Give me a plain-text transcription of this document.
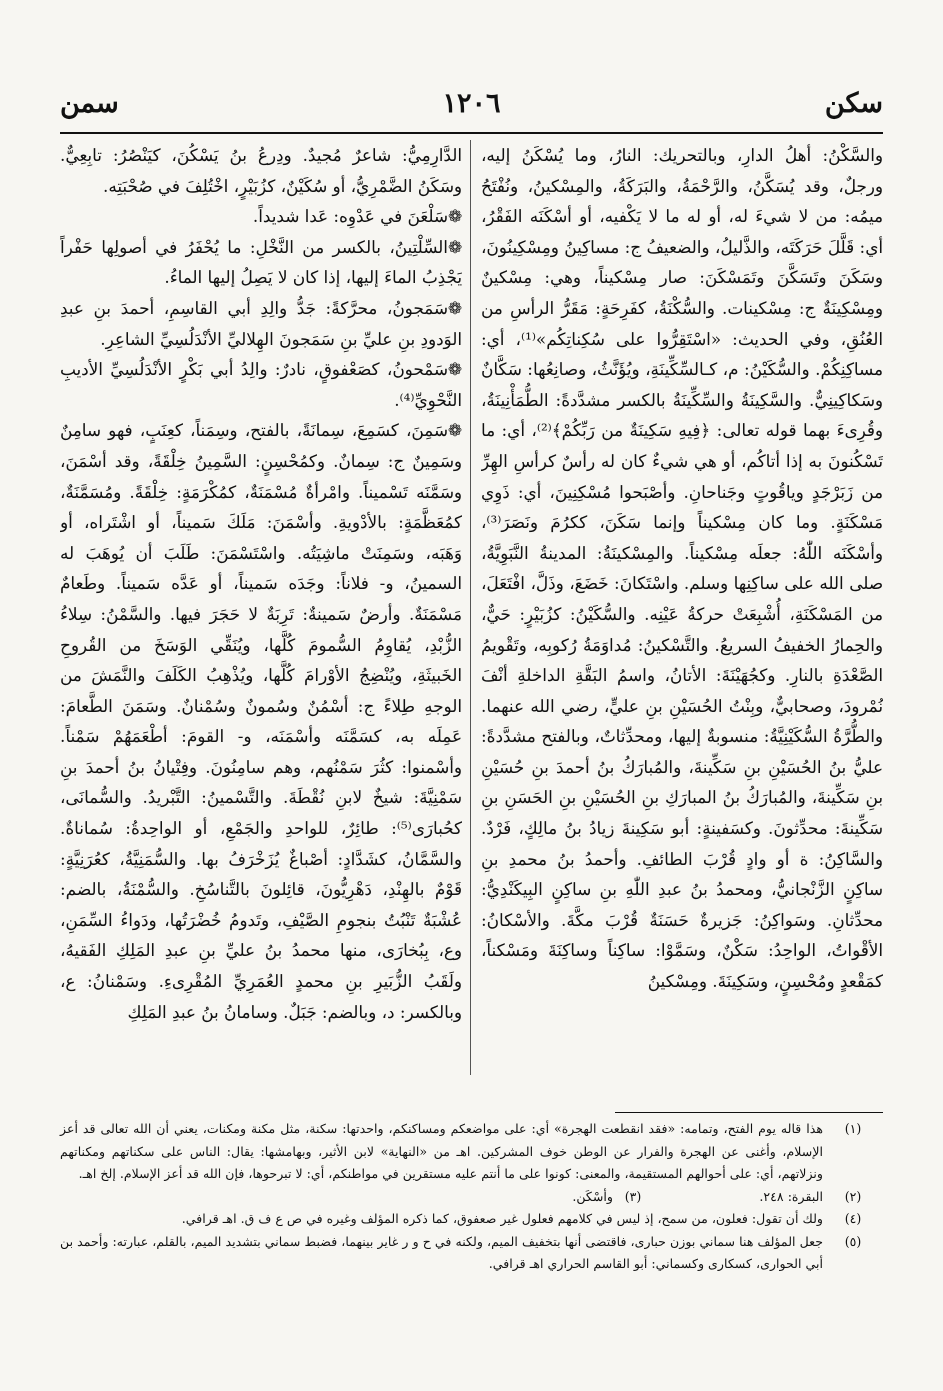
سكن
١٢٠٦
سمن

والسَّكْنُ: أهلُ الدارِ، وبالتحريك: النارُ، وما يُسْكَنُ إليه، ورجلٌ، وقد يُسَكَّنُ، والرَّحْمَةُ، والبَرَكَةُ، والمِسْكينُ، ونُفْتَحُ ميمُه: من لا شيءَ له، أو له ما لا يَكْفيه، أو أسْكَنَه الفَقْرُ، أي: قَلَّلَ حَرَكَتَه، والذَّليلُ، والضعيفُ ج: مساكِينُ ومِسْكِينُونَ، وسَكَنَ وتَسَكَّنَ وتَمَسْكَنَ: صار مِسْكيناً، وهي: مِسْكينٌ ومِسْكِينَةٌ ج: مِسْكينات. والسُّكْنَةُ، كفَرِحَةٍ: مَقَرُّ الرأسِ من العُنُقِ، وفي الحديث: «اسْتَقِرُّوا على سُكِناتِكُم»⁽¹⁾، أي: مساكِنِكُمْ. والسُّكَيْنُ: م، كـالسِّكِّينَةِ، ويُؤَنَّثُ، وصانِعُها: سَكَّانٌ وسَكاكِينِيٌّ. والسَّكِينَةُ والسِّكِّينَةُ بالكسر مشدَّدةً: الطُّمَأْنِينَةُ، وقُرِىءَ بهما قوله تعالى: ﴿فِيهِ سَكِينَةٌ من رَبِّكُمْ﴾⁽²⁾، أي: ما تَسْكُنونَ به إذا أتاكُم، أو هي شيءٌ كان له رأسٌ كرأسِ الهِرِّ من زَبَرْجَدٍ وياقُوتٍ وجَناحانِ. وأصْبَحوا مُسْكِنِينَ، أي: ذَوِي مَسْكَنَةٍ. وما كان مِسْكيناً وإنما سَكَنَ، ككرُمَ ونَصَرَ⁽³⁾، وأسْكَنَه اللّٰهُ: جعلَه مِسْكيناً. والمِسْكينَةُ: المدينةُ النَّبَوِيَّةُ، صلى الله على ساكِنِها وسلم. واسْتَكانَ: خَضَعَ، وذَلَّ، افْتَعَلَ، من المَسْكَنَةِ، أُشْبِعَتْ حركةُ عَيْنِه. والسُّكَيْنُ: كزُبَيْرٍ: حَيٌّ، والحِمارُ الخفيفُ السريعُ. والتَّسْكينُ: مُداوَمَةُ رُكوبِه، وتَقْويمُ الصَّعْدَةِ بالنارِ. وكجُهَيْنَةَ: الأتانُ، واسمُ البَقَّةِ الداخلةِ أنْفَ نُمْرودَ، وصحابيٌّ، وبِنْتُ الحُسَيْنِ بنِ عليٍّ، رضي الله عنهما. والطُّرَّةُ السُّكَيْنِيَّةُ: منسوبةٌ إليها، ومحدِّثاتٌ، وبالفتح مشدَّدةً: عليُّ بنُ الحُسَيْنِ بنِ سَكِّينةَ، والمُبارَكُ بنُ أحمدَ بنِ حُسَيْنِ بنِ سَكِّينةَ، والمُبارَكُ بنُ المبارَكِ بنِ الحُسَيْنِ بنِ الحَسَنِ بنِ سَكِّينةَ: محدِّثونَ. وكسَفينةٍ: أبو سَكِينةَ زيادُ بنُ مالِكٍ، فَرْدٌ. والسَّاكِنُ: ة أو وادٍ قُرْبَ الطائفِ. وأحمدُ بنُ محمدِ بنِ ساكِنٍ الزَّنْجانيُّ، ومحمدُ بنُ عبدِ اللّٰهِ بنِ ساكِنٍ البِيكَنْدِيُّ: محدِّثانِ. وسَواكِنُ: جَزيرةٌ حَسَنَةٌ قُرْبَ مكَّةَ. والأسْكانُ: الأقْواتُ، الواحِدُ: سَكْنٌ، وسَمَّوْا: ساكِناً وساكِنَةَ ومَسْكناً، كمَقْعدٍ ومُحْسِنٍ، وسَكِينَةَ. ومِسْكينُ

الدَّارِمِيُّ: شاعرٌ مُجيدٌ. ودِرعُ بنُ يَسْكُنَ، كيَنْصُرُ: تابِعِيٌّ. وسَكَنُ الضَّمْرِيُّ، أو سُكَيْنٌ، كزُبَيْرٍ، اخْتُلِفَ في صُحْبَتِه.

❁سَلْعَنَ في عَدْوِه: عَدا شديداً.

❁السِّلْتِينُ، بالكسر من النَّخْلِ: ما يُحْفَرُ في أصولِها حَفْراً يَجْذِبُ الماءَ إليها، إذا كان لا يَصِلُ إليها الماءُ.

❁سَمَجونُ، محرَّكةً: جَدُّ والِدِ أبي القاسِمِ، أحمدَ بنِ عبدِ الوَدودِ بنِ عليِّ بنِ سَمَجونَ الهِلاليِّ الأنْدَلُسِيِّ الشاعِرِ.

❁سَمْحونُ، كصَعْفوقٍ، نادرٌ: والِدُ أبي بَكْرٍ الأنْدَلُسِيِّ الأديبِ النَّحْوِيِّ⁽⁴⁾.

❁سَمِنَ، كسَمِعَ، سِمانَةً، بالفتح، وسِمَناً، كعِنَبٍ، فهو سامِنٌ وسَمِينٌ ج: سِمانٌ. وكمُحْسِنٍ: السَّمِينُ خِلْقَةً، وقد أسْمَنَ، وسَمَّنَه تَسْميناً. وامْرأةٌ مُسْمَنَةٌ، كمُكْرَمَةٍ: خِلْقَةً. ومُسَمَّنَةٌ، كمُعَظَّمَةٍ: بالأدْويةِ. وأسْمَنَ: مَلَكَ سَميناً، أو اشْتَراه، أو وَهَبَه، وسَمِنَتْ ماشِيَتُه. واسْتَسْمَنَ: طَلَبَ أن يُوهَبَ له السمينُ، و- فلاناً: وجَدَه سَميناً، أو عَدَّه سَميناً. وطَعامٌ مَسْمَنَةٌ. وأرضٌ سَمينةٌ: تَرِبَةٌ لا حَجَرَ فيها. والسَّمْنُ: سِلاءُ الزُّبْدِ، يُقاوِمُ السُّمومَ كُلَّها، ويُنَقِّي الوَسَخَ من القُروحِ الخَبيثَةِ، ويُنْضِجُ الأوْرامَ كُلَّها، ويُذْهِبُ الكَلَفَ والنَّمَشَ من الوجهِ طِلاءً ج: أسْمُنٌ وسُمونٌ وسُمْنانٌ. وسَمَنَ الطَّعامَ: عَمِلَه به، كسَمَّنَه وأسْمَنَه، و- القومَ: أطْعَمَهُمْ سَمْناً. وأسْمنوا: كثُرَ سَمْنُهم، وهم سامِنُونَ. وفِتْيانُ بنُ أحمدَ بنِ سَمْنِيَّةَ: شيخٌ لابنِ نُقْطَةَ. والتَّسْمينُ: التَّبْريدُ. والسُّمانَى، كحُبارَى⁽⁵⁾: طائِرٌ، للواحدِ والجَمْعِ، أو الواحِدةُ: سُماناةٌ. والسَّمَّانُ، كشَدَّادٍ: أصْباغٌ يُزَخْرَفُ بها. والسُّمَنِيَّةُ، كعُرَنِيَّةٍ: قَوْمٌ بالهِنْدِ، دَهْرِيُّونَ، قائِلونَ بالتَّناسُخِ. والسُّمْنَةُ، بالضم: عُشْبَةٌ تَنْبُتُ بنجومِ الصَّيْفِ، وتَدومُ خُضْرَتُها، ودَواءُ السِّمَنِ، وع، بِبُخارَى، منها محمدُ بنُ عليِّ بنِ عبدِ المَلِكِ الفَقيهُ، ولَقَبُ الزُّبَيرِ بنِ محمدٍ العُمَرِيِّ المُقْرِىءِ. وسَمْنانُ: ع، وبالكسر: د، وبالضم: جَبَلٌ. وسامانُ بنُ عبدِ المَلِكِ

(١)
هذا قاله يوم الفتح، وتمامه: «فقد انقطعت الهجرة» أي: على مواضعكم ومساكنكم، واحدتها: سكنة، مثل مكنة ومكنات، يعني أن الله تعالى قد أعز الإسلام، وأغنى عن الهجرة والفرار عن الوطن خوف المشركين. اهـ من «النهاية» لابن الأثير، وبهامشها: يقال: الناس على سكناتهم ومكناتهم ونزلاتهم، أي: على أحوالهم المستقيمة، والمعنى: كونوا على ما أنتم عليه مستقرين في مواطنكم، أي: لا تبرحوها، فإن الله قد أعز الإسلام. إلخ اهـ.
(٢)
البقرة: ٢٤٨.
(٣)
وأسْكَن.
(٤)
ولك أن تقول: فعلون، من سمح، إذ ليس في كلامهم فعلول غير صعفوق، كما ذكره المؤلف وغيره في ص ع ف ق. اهـ قرافي.
(٥)
جعل المؤلف هنا سماني بوزن حبارى، فاقتضى أنها بتخفيف الميم، ولكنه في ح و ر غاير بينهما، فضبط سماني بتشديد الميم، بالقلم، عبارته: وأحمد بن أبي الحوارى، كسكارى وكسماني: أبو القاسم الحراري اهـ قرافي.
